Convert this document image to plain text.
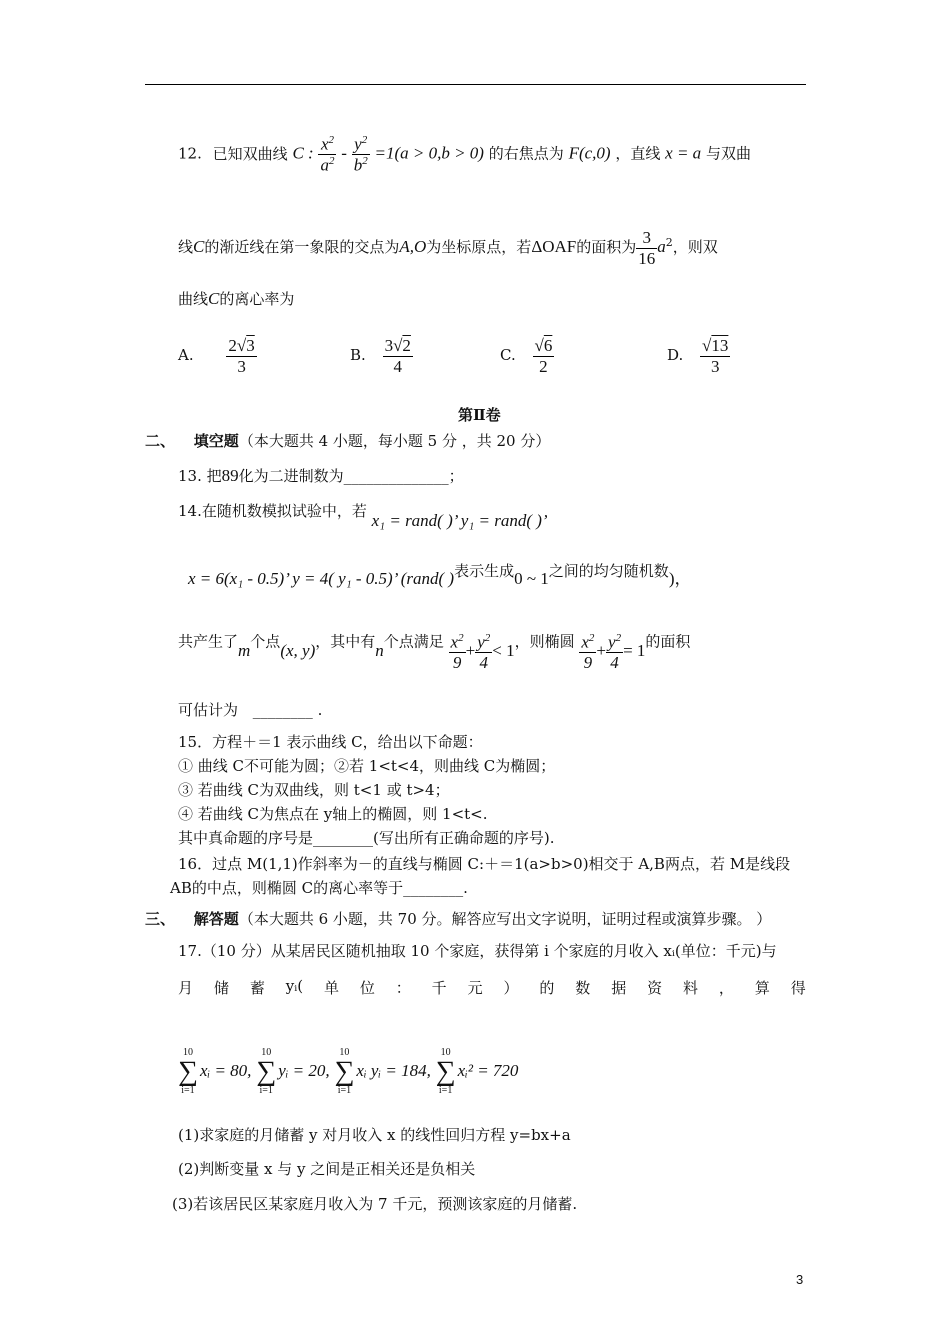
12. 已知双曲线 C : $\frac{x^2}{a^2} - \frac{y^2}{b^2} =1(a > 0,b > 0)$ 的右焦点为 F(c,0) ，直线 x = a 与双曲
线C的渐近线在第一象限的交点为A,O为坐标原点，若ΔOAF的面积为 $\frac{3}{16} a^2$，则双
曲线C的离心率为
A. $\frac{2√3}{3}$	B. $\frac{3√2}{4}$	C. $\frac{√6}{2}$	D. $\frac{√13}{3}$
第Ⅱ卷
二、 填空题（本大题共 4 小题，每小题 5 分 ，共 20 分）
13. 把89化为二进制数为______________；
14.在随机数模拟试验中，若 x₁ = rand( )’ y₁ = rand( )’
x = 6(x₁ - 0.5)’ y = 4( y₁ - 0.5)’ (rand( )表示生成0 ~ 1之间的均匀随机数)，
共产生了m个点(x, y)，其中有n个点满足 $\frac{x^2}{9} + \frac{y^2}{4} < 1$，则椭圆 $\frac{x^2}{9} + \frac{y^2}{4} = 1$的面积
可估计为 ________ .
15．方程＋＝1 表示曲线 C，给出以下命题：
① 曲线 C不可能为圆；②若 1<t<4，则曲线 C为椭圆；
③ 若曲线 C为双曲线，则 t<1 或 t>4；
④ 若曲线 C为焦点在 y轴上的椭圆，则 1<t<.
其中真命题的序号是________(写出所有正确命题的序号).
16．过点 M(1,1)作斜率为－的直线与椭圆 C:＋＝1(a>b>0)相交于 A,B两点，若 M是线段
AB的中点，则椭圆 C的离心率等于________.
三、 解答题（本大题共 6 小题，共 70 分。解答应写出文字说明，证明过程或演算步骤。 ）
17.（10 分）从某居民区随机抽取 10 个家庭，获得第 i 个家庭的月收入 xᵢ(单位：千元)与
月 储 蓄 yᵢ( 单 位 ： 千 元 ） 的 数 据 资 料 ， 算 得
10
∑
i=1
xᵢ = 80,
10
∑
i=1
yᵢ = 20,
10
∑
i=1
xᵢ yᵢ = 184,
10
∑
i=1
xᵢ² = 720
(1)求家庭的月储蓄 y 对月收入 x 的线性回归方程 y=bx+a
(2)判断变量 x 与 y 之间是正相关还是负相关
(3)若该居民区某家庭月收入为 7 千元，预测该家庭的月储蓄.
3
